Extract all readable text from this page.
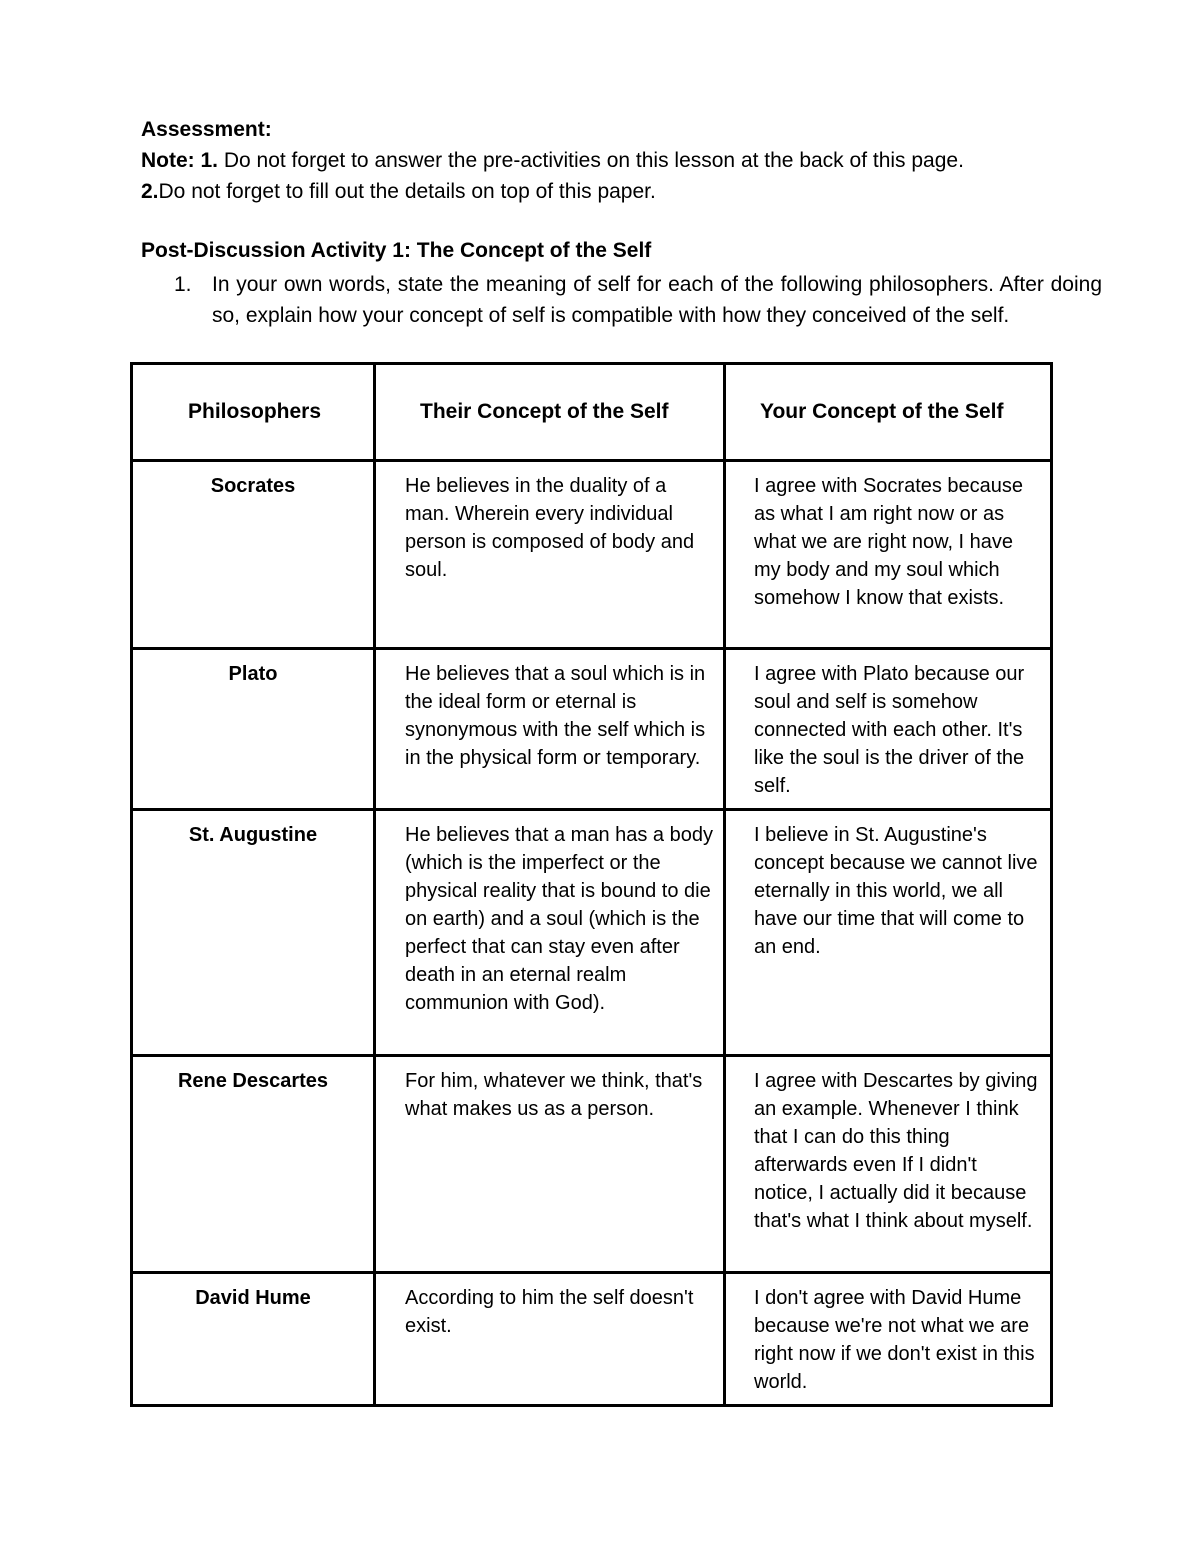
Assessment:
Note: 1. Do not forget to answer the pre-activities on this lesson at the back of this page.
2.Do not forget to fill out the details on top of this paper.
Post-Discussion Activity 1: The Concept of the Self
1. In your own words, state the meaning of self for each of the following philosophers. After doing so, explain how your concept of self is compatible with how they conceived of the self.
Philosophers	Their Concept of the Self	Your Concept of the Self
Socrates	He believes in the duality of a man. Wherein every individual person is composed of body and soul.	I agree with Socrates because as what I am right now or as what we are right now, I have my body and my soul which somehow I know that exists.
Plato	He believes that a soul which is in the ideal form or eternal is synonymous with the self which is in the physical form or temporary.	I agree with Plato because our soul and self is somehow connected with each other. It's like the soul is the driver of the self.
St. Augustine	He believes that a man has a body (which is the imperfect or the physical reality that is bound to die on earth) and a soul (which is the perfect that can stay even after death in an eternal realm communion with God).	I believe in St. Augustine's concept because we cannot live eternally in this world, we all have our time that will come to an end.
Rene Descartes	For him, whatever we think, that's what makes us as a person.	I agree with Descartes by giving an example. Whenever I think that I can do this thing afterwards even If I didn't notice, I actually did it because that's what I think about myself.
David Hume	According to him the self doesn't exist.	I don't agree with David Hume because we're not what we are right now if we don't exist in this world.
